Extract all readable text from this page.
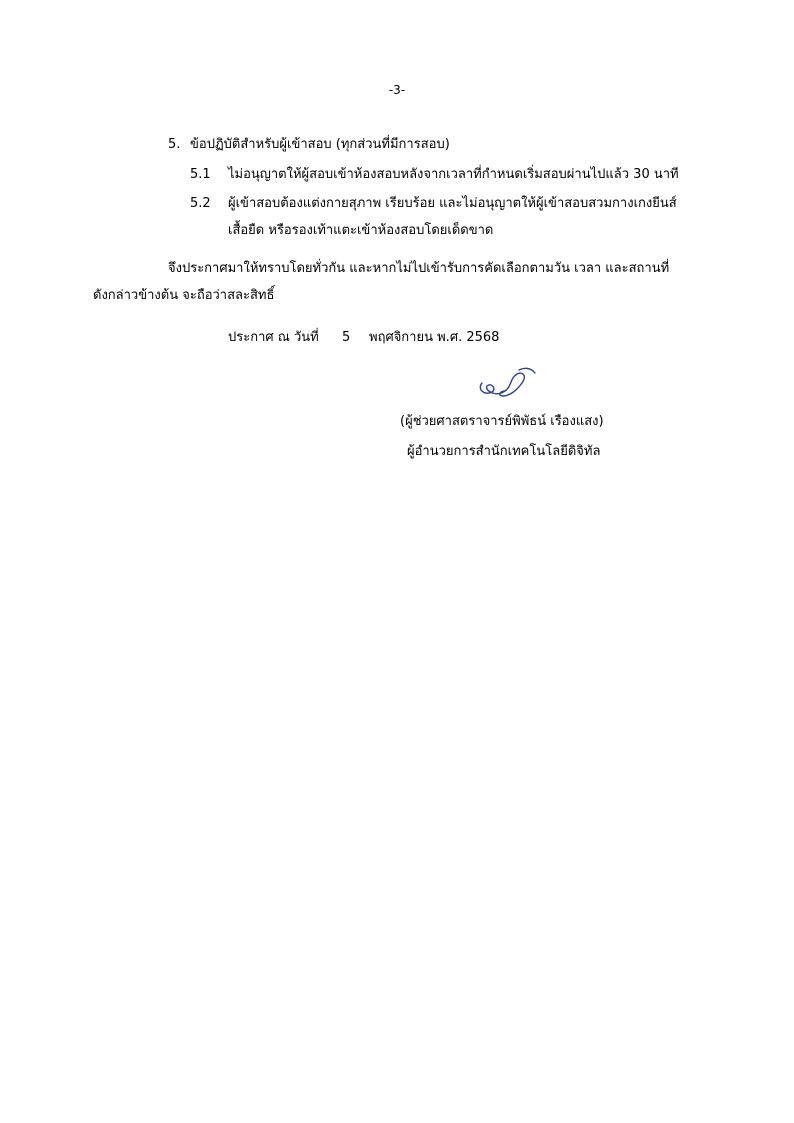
-3-
5. ข้อปฏิบัติสำหรับผู้เข้าสอบ (ทุกส่วนที่มีการสอบ)
5.1 ไม่อนุญาตให้ผู้สอบเข้าห้องสอบหลังจากเวลาที่กำหนดเริ่มสอบผ่านไปแล้ว 30 นาที
5.2 ผู้เข้าสอบต้องแต่งกายสุภาพ เรียบร้อย และไม่อนุญาตให้ผู้เข้าสอบสวมกางเกงยีนส์
เสื้อยืด หรือรองเท้าแตะเข้าห้องสอบโดยเด็ดขาด
จึงประกาศมาให้ทราบโดยทั่วกัน และหากไม่ไปเข้ารับการคัดเลือกตามวัน เวลา และสถานที่
ดังกล่าวข้างต้น จะถือว่าสละสิทธิ์
ประกาศ ณ วันที่ 5 พฤศจิกายน พ.ศ. 2568
(ผู้ช่วยศาสตราจารย์พิพัธน์ เรืองแสง)
ผู้อำนวยการสำนักเทคโนโลยีดิจิทัล
